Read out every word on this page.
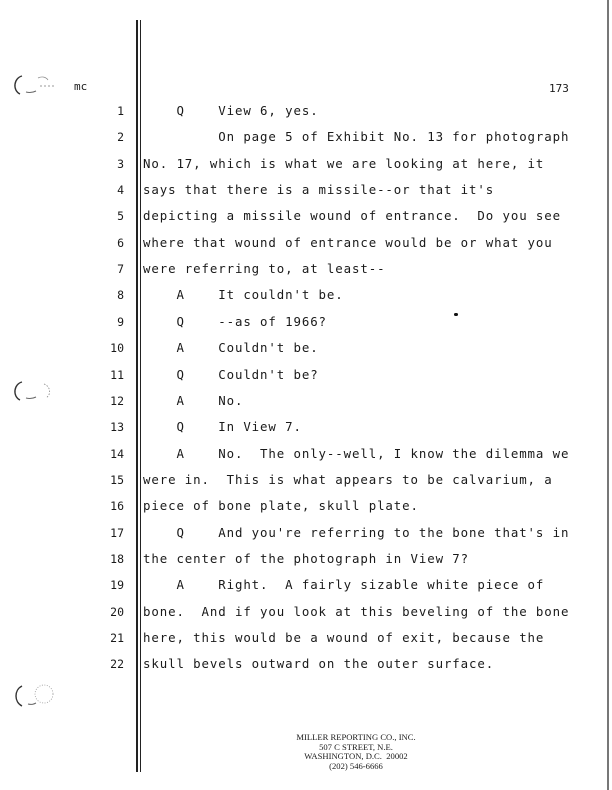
mc	173
1 Q    View 6, yes.
2 On page 5 of Exhibit No. 13 for photograph
3 No. 17, which is what we are looking at here, it
4 says that there is a missile--or that it's
5 depicting a missile wound of entrance.  Do you see
6 where that wound of entrance would be or what you
7 were referring to, at least--
8 A    It couldn't be.
9 Q    --as of 1966?
10 A    Couldn't be.
11 Q    Couldn't be?
12 A    No.
13 Q    In View 7.
14 A    No.  The only--well, I know the dilemma we
15 were in.  This is what appears to be calvarium, a
16 piece of bone plate, skull plate.
17 Q    And you're referring to the bone that's in
18 the center of the photograph in View 7?
19 A    Right.  A fairly sizable white piece of
20 bone.  And if you look at this beveling of the bone
21 here, this would be a wound of exit, because the
22 skull bevels outward on the outer surface.
MILLER REPORTING CO., INC.
507 C STREET, N.E.
WASHINGTON, D.C.  20002
(202) 546-6666
